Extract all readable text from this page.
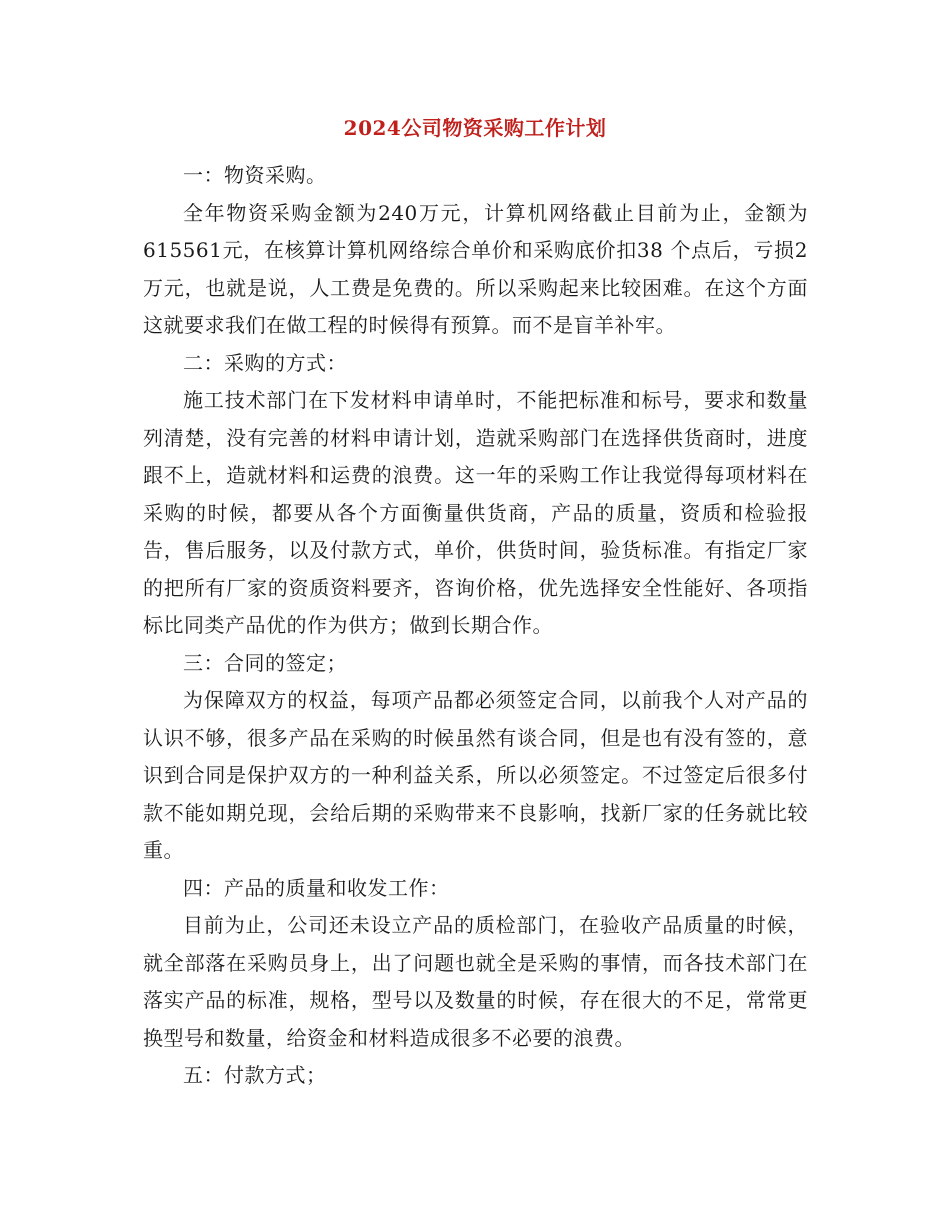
2024公司物资采购工作计划

一：物资采购。

全年物资采购金额为240万元，计算机网络截止目前为止，金额为615561元，在核算计算机网络综合单价和采购底价扣38 个点后，亏损2万元，也就是说，人工费是免费的。所以采购起来比较困难。在这个方面这就要求我们在做工程的时候得有预算。而不是盲羊补牢。

二：采购的方式：

施工技术部门在下发材料申请单时，不能把标准和标号，要求和数量列清楚，没有完善的材料申请计划，造就采购部门在选择供货商时，进度跟不上，造就材料和运费的浪费。这一年的采购工作让我觉得每项材料在采购的时候，都要从各个方面衡量供货商，产品的质量，资质和检验报告，售后服务，以及付款方式，单价，供货时间，验货标准。有指定厂家的把所有厂家的资质资料要齐，咨询价格，优先选择安全性能好、各项指标比同类产品优的作为供方；做到长期合作。

三：合同的签定；

为保障双方的权益，每项产品都必须签定合同，以前我个人对产品的认识不够，很多产品在采购的时候虽然有谈合同，但是也有没有签的，意识到合同是保护双方的一种利益关系，所以必须签定。不过签定后很多付款不能如期兑现，会给后期的采购带来不良影响，找新厂家的任务就比较重。

四：产品的质量和收发工作：

目前为止，公司还未设立产品的质检部门，在验收产品质量的时候，就全部落在采购员身上，出了问题也就全是采购的事情，而各技术部门在落实产品的标准，规格，型号以及数量的时候，存在很大的不足，常常更换型号和数量，给资金和材料造成很多不必要的浪费。

五：付款方式；
